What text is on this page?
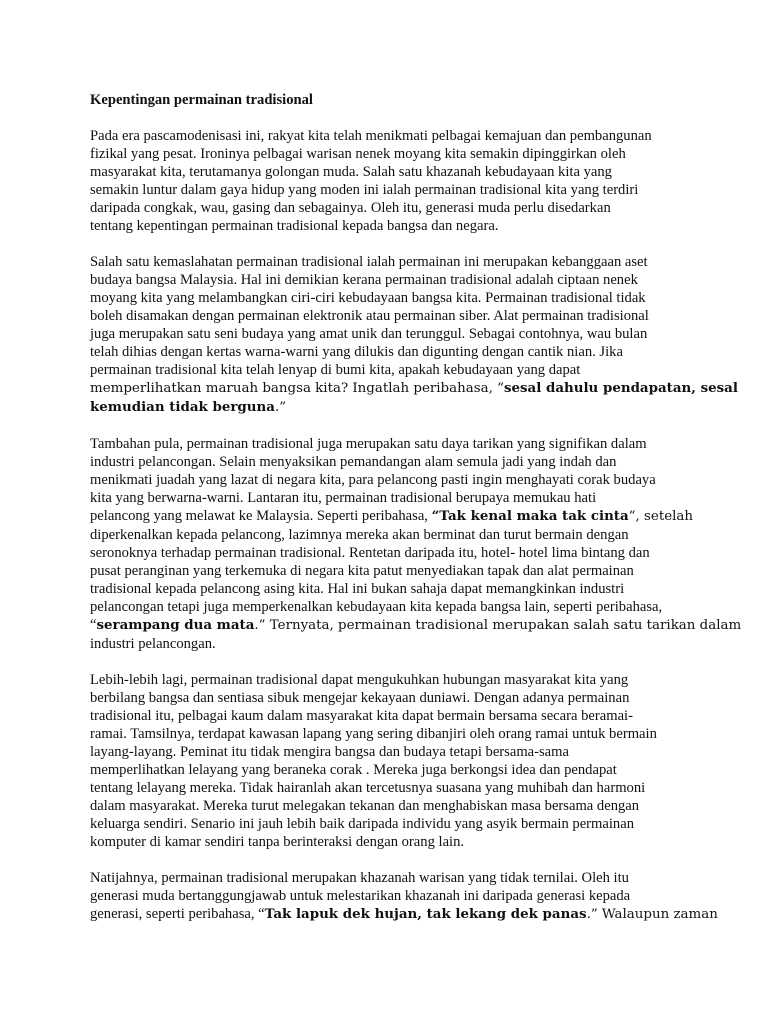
Kepentingan permainan tradisional
Pada era pascamodenisasi ini, rakyat kita telah menikmati pelbagai kemajuan dan pembangunan
fizikal yang pesat. Ironinya pelbagai warisan nenek moyang kita semakin dipinggirkan oleh
masyarakat kita, terutamanya golongan muda. Salah satu khazanah kebudayaan kita yang
semakin luntur dalam gaya hidup yang moden ini ialah permainan tradisional kita yang terdiri
daripada congkak, wau, gasing dan sebagainya. Oleh itu, generasi muda perlu disedarkan
tentang kepentingan permainan tradisional kepada bangsa dan negara.
Salah satu kemaslahatan permainan tradisional ialah permainan ini merupakan kebanggaan aset
budaya bangsa Malaysia. Hal ini demikian kerana permainan tradisional adalah ciptaan nenek
moyang kita yang melambangkan ciri-ciri kebudayaan bangsa kita. Permainan tradisional tidak
boleh disamakan dengan permainan elektronik atau permainan siber. Alat permainan tradisional
juga merupakan satu seni budaya yang amat unik dan terunggul. Sebagai contohnya, wau bulan
telah dihias dengan kertas warna-warni yang dilukis dan digunting dengan cantik nian. Jika
permainan tradisional kita telah lenyap di bumi kita, apakah kebudayaan yang dapat
memperlihatkan maruah bangsa kita? Ingatlah peribahasa, “sesal dahulu pendapatan, sesal
kemudian tidak berguna.”
Tambahan pula, permainan tradisional juga merupakan satu daya tarikan yang signifikan dalam
industri pelancongan. Selain menyaksikan pemandangan alam semula jadi yang indah dan
menikmati juadah yang lazat di negara kita, para pelancong pasti ingin menghayati corak budaya
kita yang berwarna-warni. Lantaran itu, permainan tradisional berupaya memukau hati
pelancong yang melawat ke Malaysia. Seperti peribahasa, “Tak kenal maka tak cinta“, setelah
diperkenalkan kepada pelancong, lazimnya mereka akan berminat dan turut bermain dengan
seronoknya terhadap permainan tradisional. Rentetan daripada itu, hotel- hotel lima bintang dan
pusat peranginan yang terkemuka di negara kita patut menyediakan tapak dan alat permainan
tradisional kepada pelancong asing kita. Hal ini bukan sahaja dapat memangkinkan industri
pelancongan tetapi juga memperkenalkan kebudayaan kita kepada bangsa lain, seperti peribahasa,
“serampang dua mata.” Ternyata, permainan tradisional merupakan salah satu tarikan dalam
industri pelancongan.
Lebih-lebih lagi, permainan tradisional dapat mengukuhkan hubungan masyarakat kita yang
berbilang bangsa dan sentiasa sibuk mengejar kekayaan duniawi. Dengan adanya permainan
tradisional itu, pelbagai kaum dalam masyarakat kita dapat bermain bersama secara beramai-
ramai. Tamsilnya, terdapat kawasan lapang yang sering dibanjiri oleh orang ramai untuk bermain
layang-layang. Peminat itu tidak mengira bangsa dan budaya tetapi bersama-sama
memperlihatkan lelayang yang beraneka corak . Mereka juga berkongsi idea dan pendapat
tentang lelayang mereka. Tidak hairanlah akan tercetusnya suasana yang muhibah dan harmoni
dalam masyarakat. Mereka turut melegakan tekanan dan menghabiskan masa bersama dengan
keluarga sendiri. Senario ini jauh lebih baik daripada individu yang asyik bermain permainan
komputer di kamar sendiri tanpa berinteraksi dengan orang lain.
Natijahnya, permainan tradisional merupakan khazanah warisan yang tidak ternilai. Oleh itu
generasi muda bertanggungjawab untuk melestarikan khazanah ini daripada generasi kepada
generasi, seperti peribahasa, “Tak lapuk dek hujan, tak lekang dek panas.” Walaupun zaman
